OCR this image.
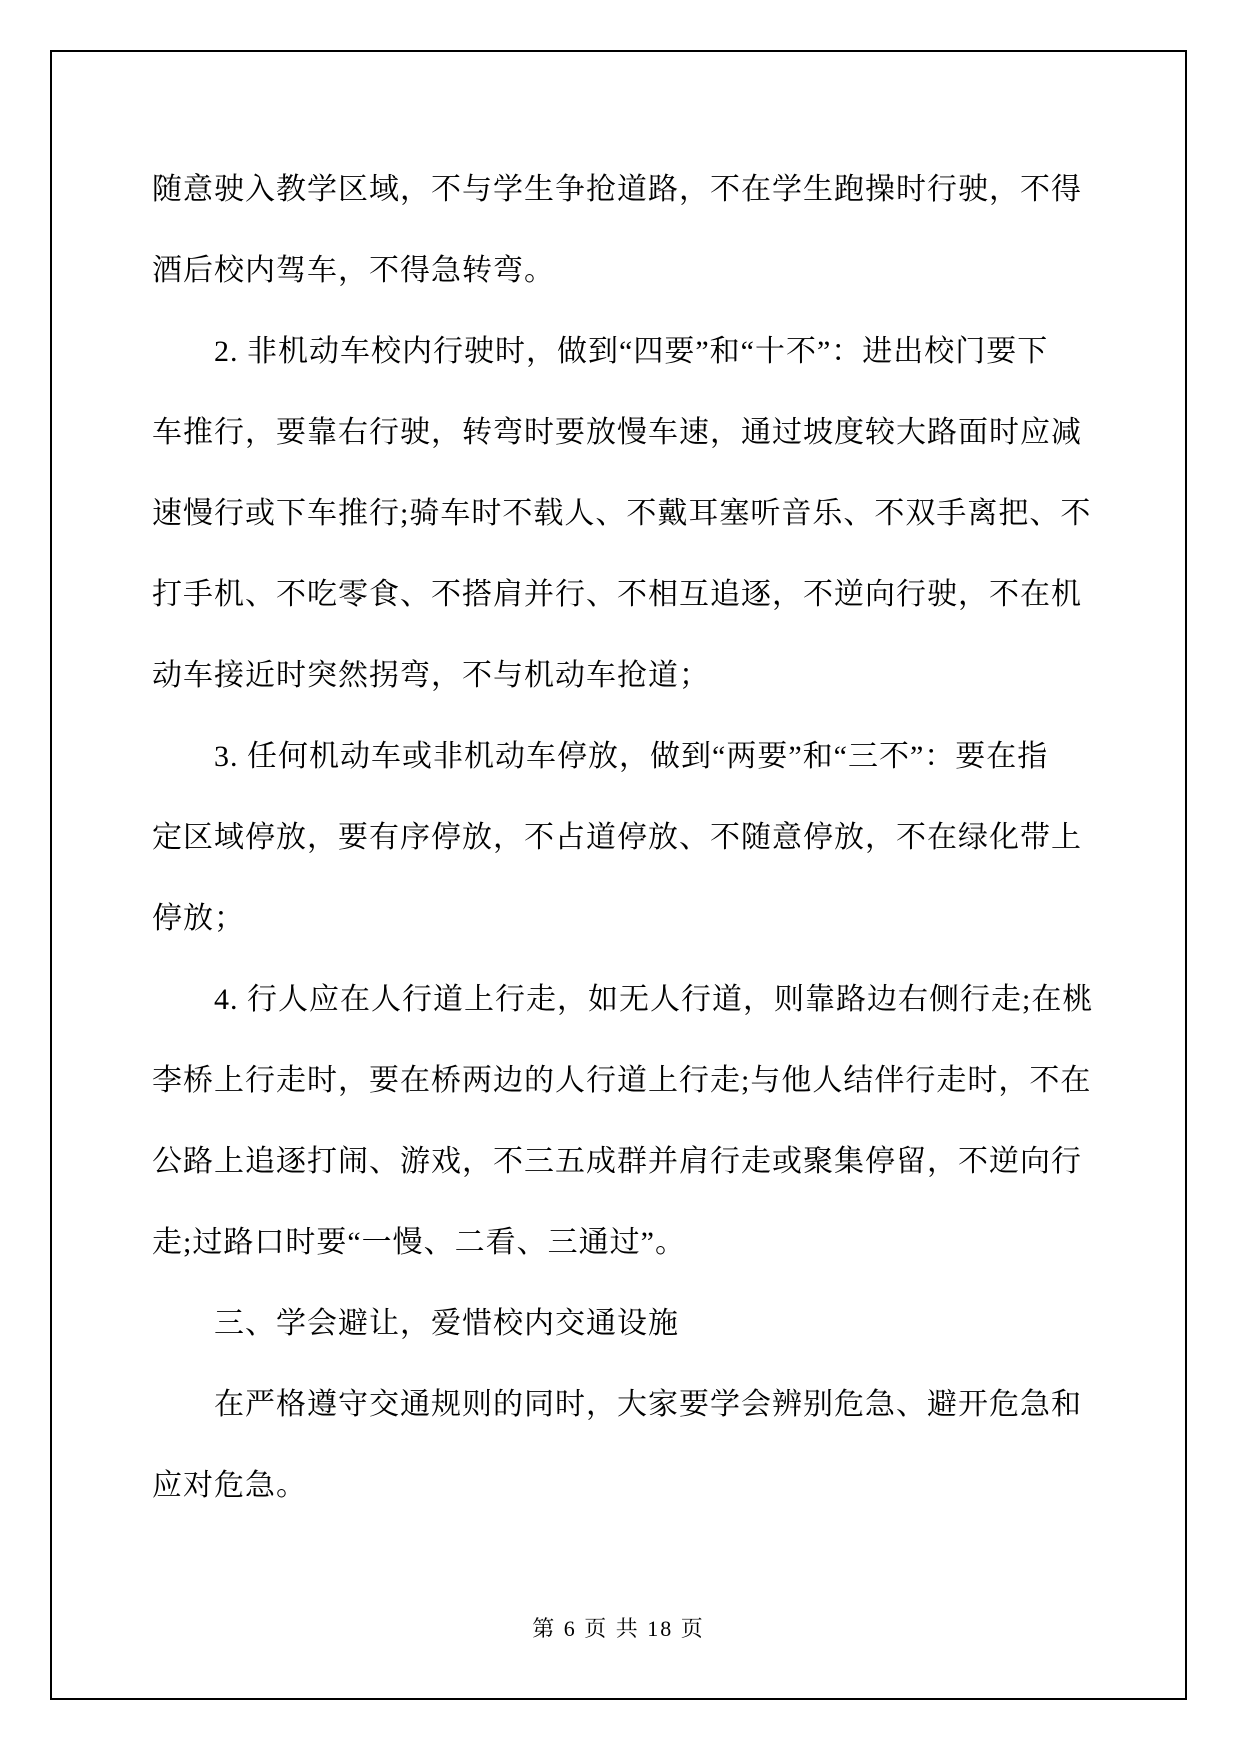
随意驶入教学区域，不与学生争抢道路，不在学生跑操时行驶，不得
酒后校内驾车，不得急转弯。
2. 非机动车校内行驶时，做到“四要”和“十不”：进出校门要下
车推行，要靠右行驶，转弯时要放慢车速，通过坡度较大路面时应减
速慢行或下车推行;骑车时不载人、不戴耳塞听音乐、不双手离把、不
打手机、不吃零食、不搭肩并行、不相互追逐，不逆向行驶，不在机
动车接近时突然拐弯，不与机动车抢道；
3. 任何机动车或非机动车停放，做到“两要”和“三不”：要在指
定区域停放，要有序停放，不占道停放、不随意停放，不在绿化带上
停放；
4. 行人应在人行道上行走，如无人行道，则靠路边右侧行走;在桃
李桥上行走时，要在桥两边的人行道上行走;与他人结伴行走时，不在
公路上追逐打闹、游戏，不三五成群并肩行走或聚集停留，不逆向行
走;过路口时要“一慢、二看、三通过”。
三、学会避让，爱惜校内交通设施
在严格遵守交通规则的同时，大家要学会辨别危急、避开危急和
应对危急。
第 6 页 共 18 页
